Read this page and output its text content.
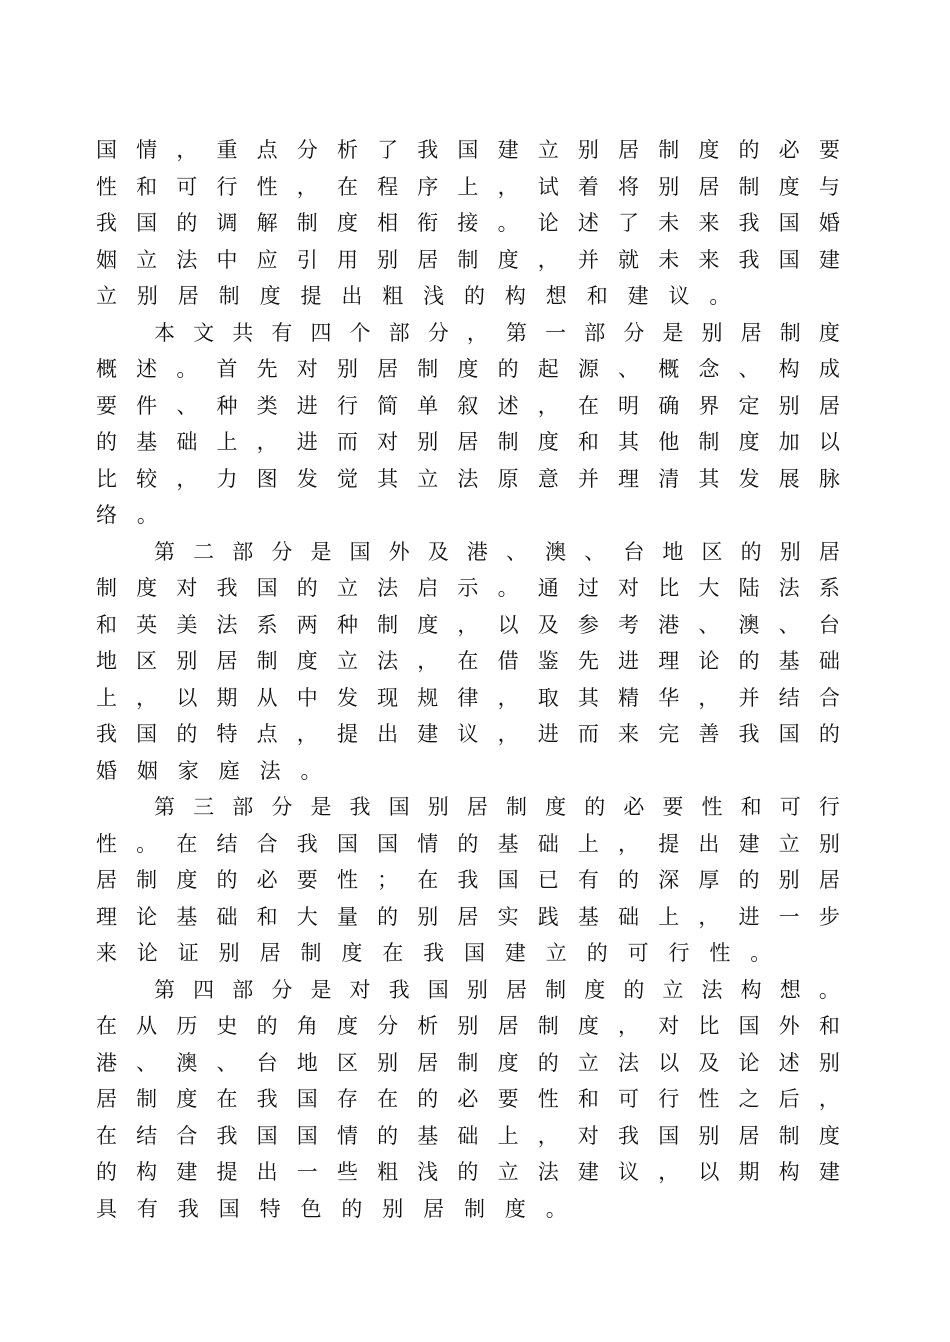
国 情 ， 重 点 分 析 了 我 国 建 立 别 居 制 度 的 必 要
性 和 可 行 性 ， 在 程 序 上 ， 试 着 将 别 居 制 度 与
我 国 的 调 解 制 度 相 衔 接 。 论 述 了 未 来 我 国 婚
姻 立 法 中 应 引 用 别 居 制 度 ， 并 就 未 来 我 国 建
立 别 居 制 度 提 出 粗 浅 的 构 想 和 建 议 。
本 文 共 有 四 个 部 分 ， 第 一 部 分 是 别 居 制 度
概 述 。 首 先 对 别 居 制 度 的 起 源 、 概 念 、 构 成
要 件 、 种 类 进 行 简 单 叙 述 ， 在 明 确 界 定 别 居
的 基 础 上 ， 进 而 对 别 居 制 度 和 其 他 制 度 加 以
比 较 ， 力 图 发 觉 其 立 法 原 意 并 理 清 其 发 展 脉
络 。
第 二 部 分 是 国 外 及 港 、 澳 、 台 地 区 的 别 居
制 度 对 我 国 的 立 法 启 示 。 通 过 对 比 大 陆 法 系
和 英 美 法 系 两 种 制 度 ， 以 及 参 考 港 、 澳 、 台
地 区 别 居 制 度 立 法 ， 在 借 鉴 先 进 理 论 的 基 础
上 ， 以 期 从 中 发 现 规 律 ， 取 其 精 华 ， 并 结 合
我 国 的 特 点 ， 提 出 建 议 ， 进 而 来 完 善 我 国 的
婚 姻 家 庭 法 。
第 三 部 分 是 我 国 别 居 制 度 的 必 要 性 和 可 行
性 。 在 结 合 我 国 国 情 的 基 础 上 ， 提 出 建 立 别
居 制 度 的 必 要 性 ； 在 我 国 已 有 的 深 厚 的 别 居
理 论 基 础 和 大 量 的 别 居 实 践 基 础 上 ， 进 一 步
来 论 证 别 居 制 度 在 我 国 建 立 的 可 行 性 。
第 四 部 分 是 对 我 国 别 居 制 度 的 立 法 构 想 。
在 从 历 史 的 角 度 分 析 别 居 制 度 ， 对 比 国 外 和
港 、 澳 、 台 地 区 别 居 制 度 的 立 法 以 及 论 述 别
居 制 度 在 我 国 存 在 的 必 要 性 和 可 行 性 之 后 ，
在 结 合 我 国 国 情 的 基 础 上 ， 对 我 国 别 居 制 度
的 构 建 提 出 一 些 粗 浅 的 立 法 建 议 ， 以 期 构 建
具 有 我 国 特 色 的 别 居 制 度 。
